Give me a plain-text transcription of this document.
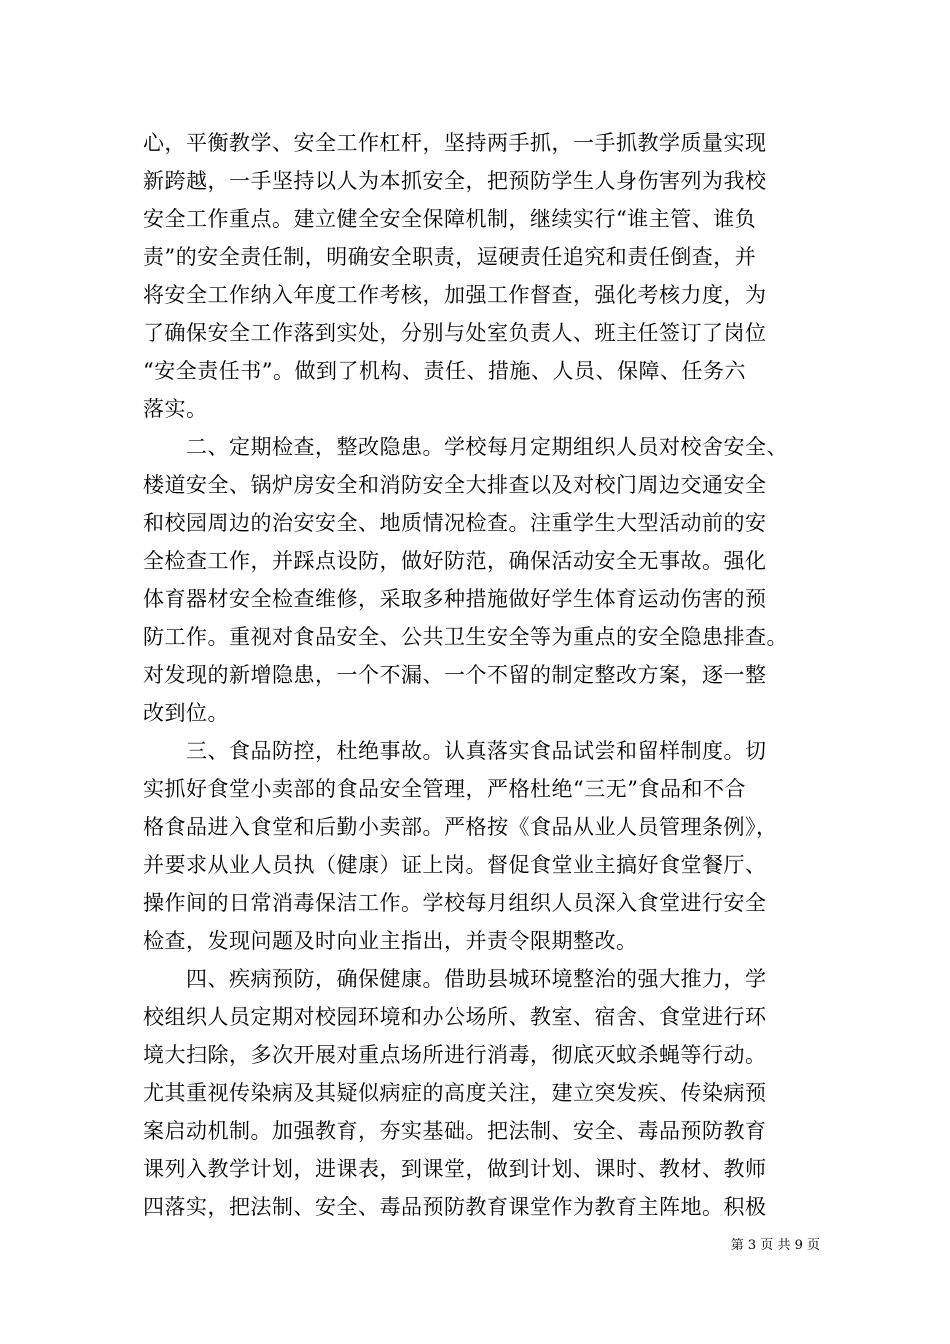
心，平衡教学、安全工作杠杆，坚持两手抓，一手抓教学质量实现
新跨越，一手坚持以人为本抓安全，把预防学生人身伤害列为我校
安全工作重点。建立健全安全保障机制，继续实行“谁主管、谁负
责”的安全责任制，明确安全职责，逗硬责任追究和责任倒查，并
将安全工作纳入年度工作考核，加强工作督查，强化考核力度，为
了确保安全工作落到实处，分别与处室负责人、班主任签订了岗位
“安全责任书”。做到了机构、责任、措施、人员、保障、任务六
落实。
　　二、定期检查，整改隐患。学校每月定期组织人员对校舍安全、
楼道安全、锅炉房安全和消防安全大排查以及对校门周边交通安全
和校园周边的治安安全、地质情况检查。注重学生大型活动前的安
全检查工作，并踩点设防，做好防范，确保活动安全无事故。强化
体育器材安全检查维修，采取多种措施做好学生体育运动伤害的预
防工作。重视对食品安全、公共卫生安全等为重点的安全隐患排查。
对发现的新增隐患，一个不漏、一个不留的制定整改方案，逐一整
改到位。
　　三、食品防控，杜绝事故。认真落实食品试尝和留样制度。切
实抓好食堂小卖部的食品安全管理，严格杜绝“三无”食品和不合
格食品进入食堂和后勤小卖部。严格按《食品从业人员管理条例》，
并要求从业人员执（健康）证上岗。督促食堂业主搞好食堂餐厅、
操作间的日常消毒保洁工作。学校每月组织人员深入食堂进行安全
检查，发现问题及时向业主指出，并责令限期整改。
　　四、疾病预防，确保健康。借助县城环境整治的强大推力，学
校组织人员定期对校园环境和办公场所、教室、宿舍、食堂进行环
境大扫除，多次开展对重点场所进行消毒，彻底灭蚊杀蝇等行动。
尤其重视传染病及其疑似病症的高度关注，建立突发疾、传染病预
案启动机制。加强教育，夯实基础。把法制、安全、毒品预防教育
课列入教学计划，进课表，到课堂，做到计划、课时、教材、教师
四落实，把法制、安全、毒品预防教育课堂作为教育主阵地。积极
第 3 页 共 9 页
